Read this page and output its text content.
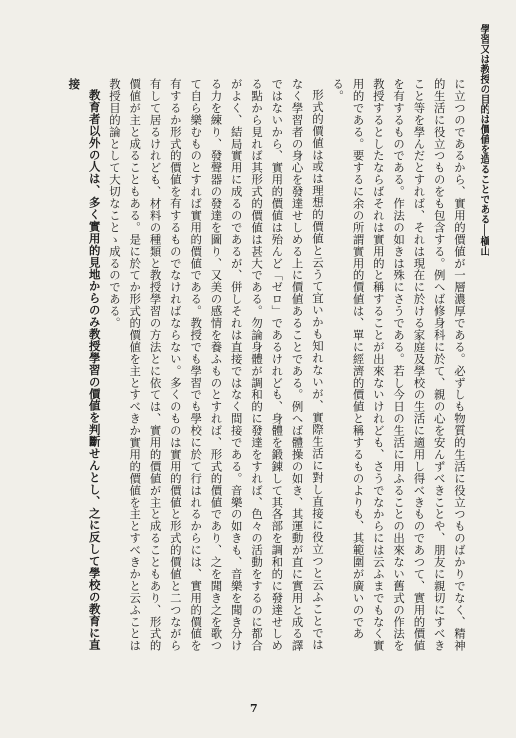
學習又は教授の目的は價値を造ることである──槇山

に立つのであるから、實用的價値が一層濃厚である。必ずしも物質的生活に役立つものばかりでなく、精神的生活に役立つものをも包含する。例へば修身科に於て、親の心を安んずべきことや、朋友に親切にすべきこと等を學んだとすれば、それは現在に於ける家庭及學校の生活に適用し得べきものであつて、實用的價値を有するものである。作法の如きは殊にさうである。若し今日の生活に用ふることの出來ない舊式の作法を教授するとしたならばそれは實用的と稱することが出來ないけれども、さうでなからには云ふまでもなく實用的である。要するに余の所謂實用的價値は、單に經濟的價値と稱するものよりも、其範圍が廣いのである。

形式的價値は或は理想的價値と云うて宜いかも知れないが、實際生活に對し直接に役立つと云ふことではなく學習者の身心を發達せしめる上に價値あることである。例へば體操の如き、其運動が直に實用と成る譯ではないから、實用的價値は殆んど「ゼロ」であるけれども、身體を鍛錬して其各部を調和的に發達せしめる點から見れば其形式的價値は甚大である。勿論身體が調和的に發達をすれば、色々の活動をするのに都合がよく、結局實用に成るのであるが、併しそれは直接ではなく間接である。音樂の如きも、音樂を聞き分ける力を練り、發聲器の發達を圖り、又美の感情を養ふものとすれば、形式的價値であり、之を聞き之を歌つて自ら樂むものとすれば實用的價値である。教授でも學習でも學校に於て行はれるからには、實用的價値を有するか形式的價値を有するものでなければならない。多くのものは實用的價値と形式的價値と二つながら有して居るけれども、材料の種類と教授學習の方法とに依ては、實用的價値が主と成ることもあり、形式的價値が主と成ることもある。是に於てか形式的價値を主とすべきか實用的價値を主とすべきかと云ふことは教授目的論として大切なことゝ成るのである。

教育者以外の人は、多く實用的見地からのみ教授學習の價値を判斷せんとし、之に反して學校の教育に直接

7
